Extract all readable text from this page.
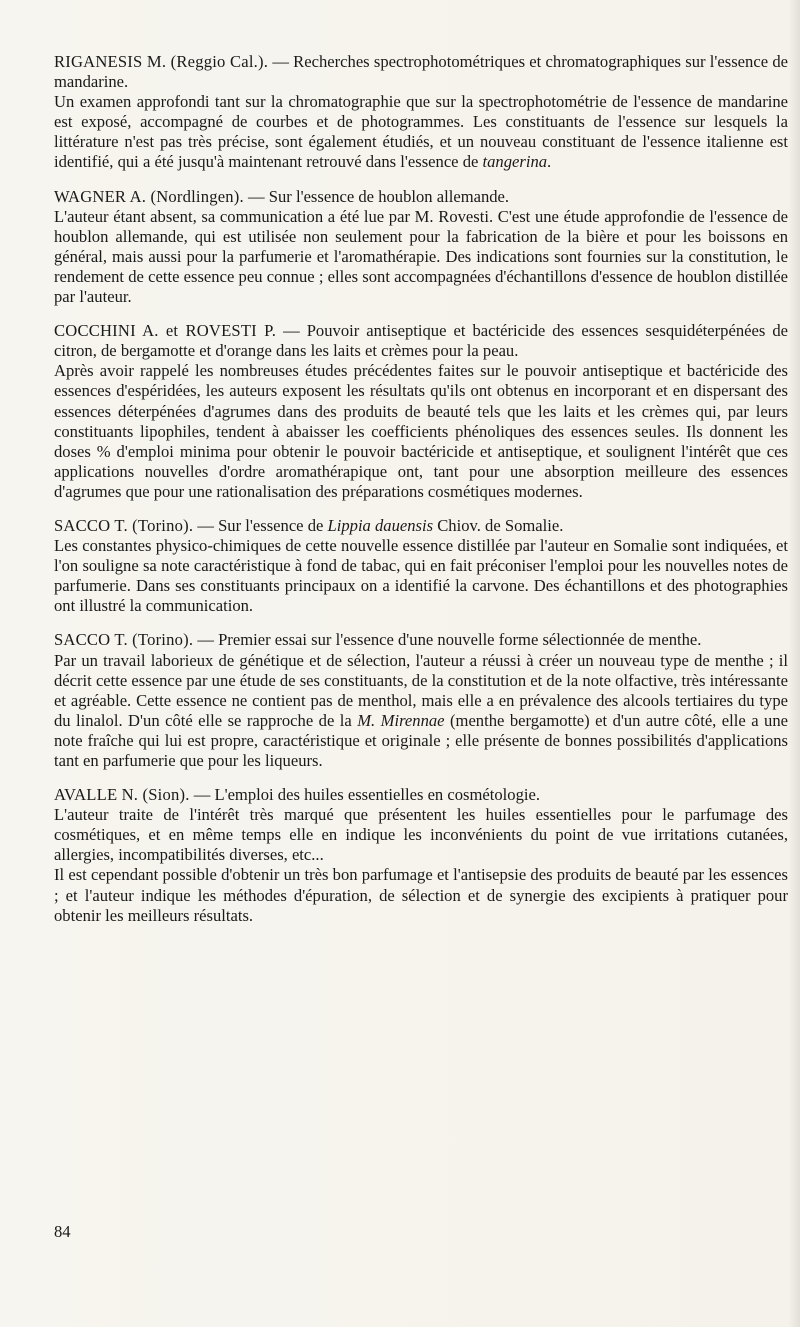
RIGANESIS M. (Reggio Cal.). — Recherches spectrophotométriques et chromatographiques sur l'essence de mandarine.

Un examen approfondi tant sur la chromatographie que sur la spectrophotométrie de l'essence de mandarine est exposé, accompagné de courbes et de photogrammes. Les constituants de l'essence sur lesquels la littérature n'est pas très précise, sont également étudiés, et un nouveau constituant de l'essence italienne est identifié, qui a été jusqu'à maintenant retrouvé dans l'essence de tangerina.

WAGNER A. (Nordlingen). — Sur l'essence de houblon allemande.

L'auteur étant absent, sa communication a été lue par M. Rovesti. C'est une étude approfondie de l'essence de houblon allemande, qui est utilisée non seulement pour la fabrication de la bière et pour les boissons en général, mais aussi pour la parfumerie et l'aromathérapie. Des indications sont fournies sur la constitution, le rendement de cette essence peu connue ; elles sont accompagnées d'échantillons d'essence de houblon distillée par l'auteur.

COCCHINI A. et ROVESTI P. — Pouvoir antiseptique et bactéricide des essences sesquidéterpénées de citron, de bergamotte et d'orange dans les laits et crèmes pour la peau.

Après avoir rappelé les nombreuses études précédentes faites sur le pouvoir antiseptique et bactéricide des essences d'espéridées, les auteurs exposent les résultats qu'ils ont obtenus en incorporant et en dispersant des essences déterpénées d'agrumes dans des produits de beauté tels que les laits et les crèmes qui, par leurs constituants lipophiles, tendent à abaisser les coefficients phénoliques des essences seules. Ils donnent les doses % d'emploi minima pour obtenir le pouvoir bactéricide et antiseptique, et soulignent l'intérêt que ces applications nouvelles d'ordre aromathérapique ont, tant pour une absorption meilleure des essences d'agrumes que pour une rationalisation des préparations cosmétiques modernes.

SACCO T. (Torino). — Sur l'essence de Lippia dauensis Chiov. de Somalie.

Les constantes physico-chimiques de cette nouvelle essence distillée par l'auteur en Somalie sont indiquées, et l'on souligne sa note caractéristique à fond de tabac, qui en fait préconiser l'emploi pour les nouvelles notes de parfumerie. Dans ses constituants principaux on a identifié la carvone. Des échantillons et des photographies ont illustré la communication.

SACCO T. (Torino). — Premier essai sur l'essence d'une nouvelle forme sélectionnée de menthe.

Par un travail laborieux de génétique et de sélection, l'auteur a réussi à créer un nouveau type de menthe ; il décrit cette essence par une étude de ses constituants, de la constitution et de la note olfactive, très intéressante et agréable. Cette essence ne contient pas de menthol, mais elle a en prévalence des alcools tertiaires du type du linalol. D'un côté elle se rapproche de la M. Mirennae (menthe bergamotte) et d'un autre côté, elle a une note fraîche qui lui est propre, caractéristique et originale ; elle présente de bonnes possibilités d'applications tant en parfumerie que pour les liqueurs.

AVALLE N. (Sion). — L'emploi des huiles essentielles en cosmétologie.

L'auteur traite de l'intérêt très marqué que présentent les huiles essentielles pour le parfumage des cosmétiques, et en même temps elle en indique les inconvénients du point de vue irritations cutanées, allergies, incompatibilités diverses, etc...

Il est cependant possible d'obtenir un très bon parfumage et l'antisepsie des produits de beauté par les essences ; et l'auteur indique les méthodes d'épuration, de sélection et de synergie des excipients à pratiquer pour obtenir les meilleurs résultats.

84
